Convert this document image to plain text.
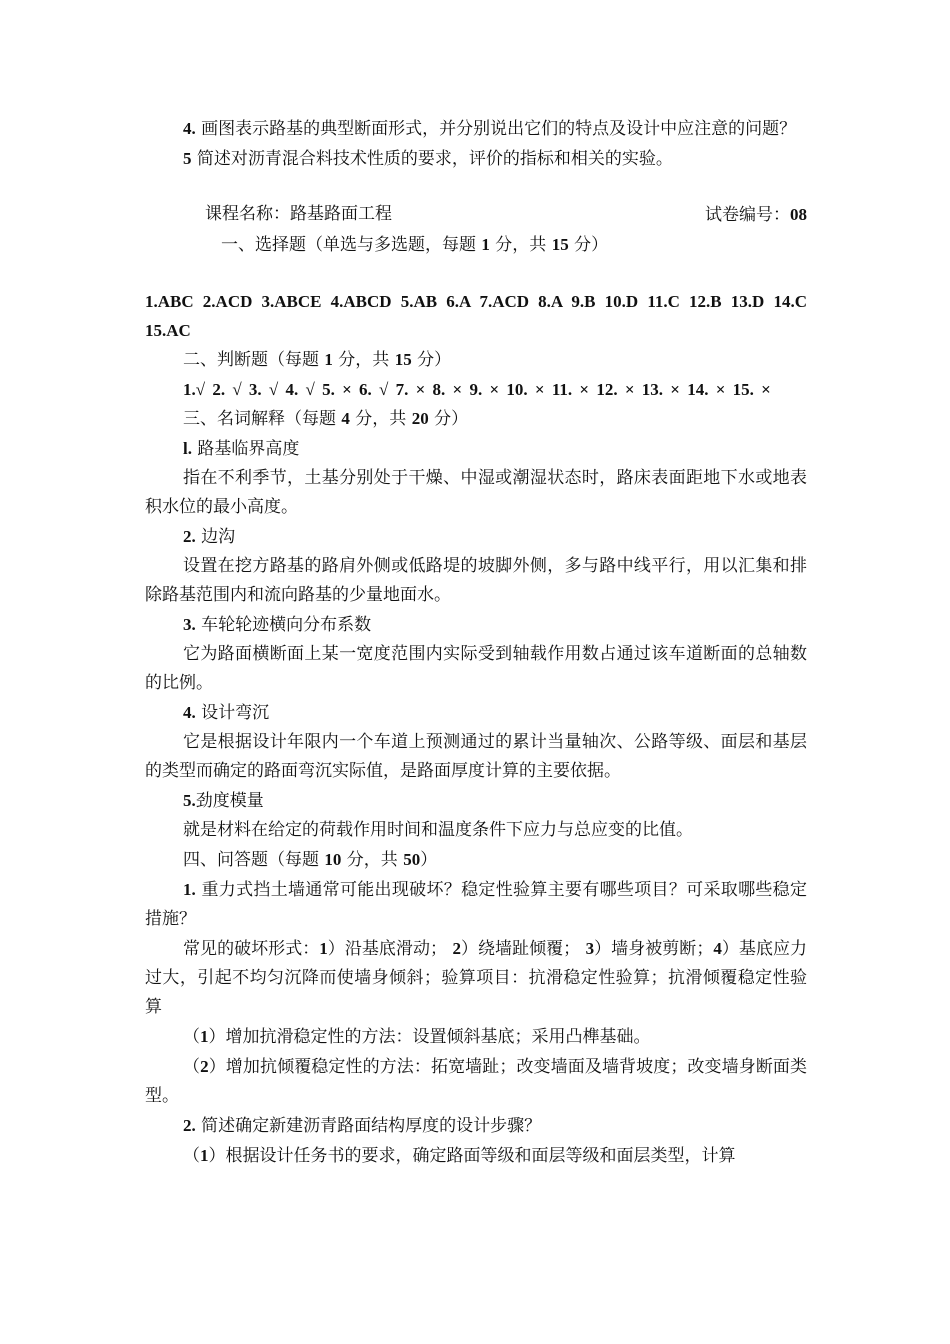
4. 画图表示路基的典型断面形式，并分别说出它们的特点及设计中应注意的问题？

5 简述对沥青混合料技术性质的要求，评价的指标和相关的实验。

课程名称：路基路面工程	试卷编号：08

一、选择题（单选与多选题，每题 1 分，共 15 分）

1.ABC 2.ACD 3.ABCE 4.ABCD 5.AB 6.A 7.ACD 8.A 9.B 10.D 11.C 12.B 13.D 14.C 15.AC

二、判断题（每题 1 分，共 15 分）

1.√ 2. √ 3. √ 4. √ 5. × 6. √ 7. × 8. × 9. × 10. × 11. × 12. × 13. × 14. × 15. ×

三、名词解释（每题 4 分，共 20 分）

l. 路基临界高度

指在不利季节，土基分别处于干燥、中湿或潮湿状态时，路床表面距地下水或地表积水位的最小高度。

2. 边沟

设置在挖方路基的路肩外侧或低路堤的坡脚外侧，多与路中线平行，用以汇集和排除路基范围内和流向路基的少量地面水。

3. 车轮轮迹横向分布系数

它为路面横断面上某一宽度范围内实际受到轴载作用数占通过该车道断面的总轴数的比例。

4. 设计弯沉

它是根据设计年限内一个车道上预测通过的累计当量轴次、公路等级、面层和基层的类型而确定的路面弯沉实际值，是路面厚度计算的主要依据。

5.劲度模量

就是材料在给定的荷载作用时间和温度条件下应力与总应变的比值。

四、问答题（每题 10 分，共 50）

1. 重力式挡土墙通常可能出现破坏？稳定性验算主要有哪些项目？可采取哪些稳定措施？

常见的破坏形式：1）沿基底滑动； 2）绕墙趾倾覆； 3）墙身被剪断；4）基底应力过大，引起不均匀沉降而使墙身倾斜；验算项目：抗滑稳定性验算；抗滑倾覆稳定性验算

（1）增加抗滑稳定性的方法：设置倾斜基底；采用凸榫基础。

（2）增加抗倾覆稳定性的方法：拓宽墙趾；改变墙面及墙背坡度；改变墙身断面类型。

2. 简述确定新建沥青路面结构厚度的设计步骤？

（1）根据设计任务书的要求，确定路面等级和面层等级和面层类型，计算
